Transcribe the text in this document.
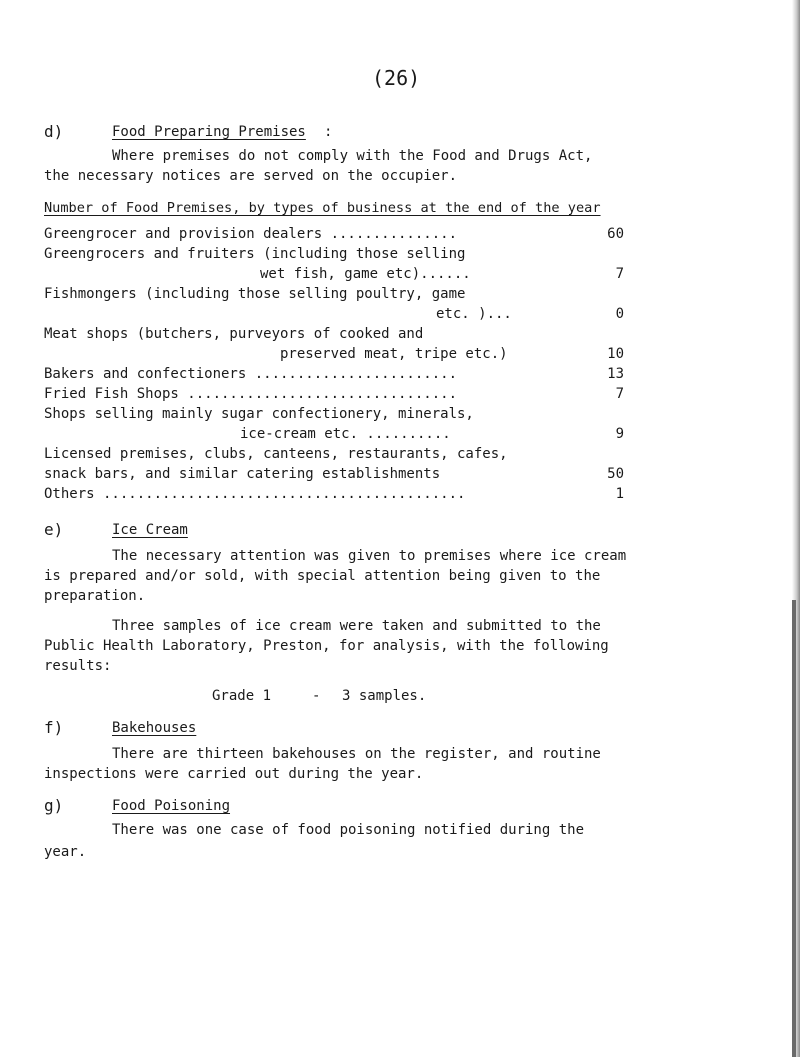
(26)
d)	Food Preparing Premises :
Where premises do not comply with the Food and Drugs Act,
the necessary notices are served on the occupier.
Number of Food Premises, by types of business at the end of the year
Greengrocer and provision dealers ...............	60
Greengrocers and fruiters (including those selling
wet fish, game etc)......	7
Fishmongers (including those selling poultry, game
etc. )...	0
Meat shops (butchers, purveyors of cooked and
preserved meat, tripe etc.)	10
Bakers and confectioners ........................	13
Fried Fish Shops ................................	7
Shops selling mainly sugar confectionery, minerals,
ice-cream etc. ..........	9
Licensed premises, clubs, canteens, restaurants, cafes,
snack bars, and similar catering establishments	50
Others ...........................................	1
e)	Ice Cream
The necessary attention was given to premises where ice cream
is prepared and/or sold, with special attention being given to the
preparation.
Three samples of ice cream were taken and submitted to the
Public Health Laboratory, Preston, for analysis, with the following
results:
Grade 1	- 3 samples.
f)	Bakehouses
There are thirteen bakehouses on the register, and routine
inspections were carried out during the year.
g)	Food Poisoning
There was one case of food poisoning notified during the
year.
